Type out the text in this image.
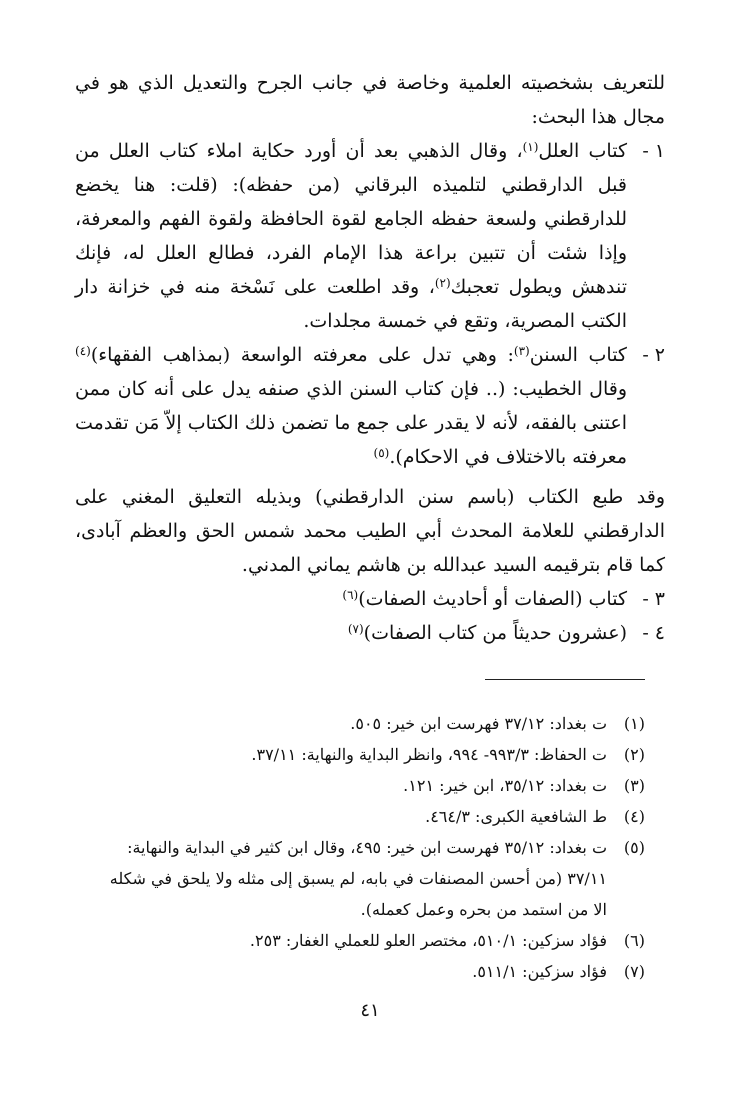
للتعريف بشخصيته العلمية وخاصة في جانب الجرح والتعديل الذي هو في مجال هذا البحث:

١ -
كتاب العلل$^{(١)}$، وقال الذهبي بعد أن أورد حكاية املاء كتاب العلل من قبل الدارقطني لتلميذه البرقاني (من حفظه): (قلت: هنا يخضع للدارقطني ولسعة حفظه الجامع لقوة الحافظة ولقوة الفهم والمعرفة، وإذا شئت أن تتبين براعة هذا الإمام الفرد، فطالع العلل له، فإنك تندهش ويطول تعجبك$^{(٢)}$، وقد اطلعت على نَسْخة منه في خزانة دار الكتب المصرية، وتقع في خمسة مجلدات.
٢ -
كتاب السنن$^{(٣)}$: وهي تدل على معرفته الواسعة (بمذاهب الفقهاء)$^{(٤)}$ وقال الخطيب: (.. فإن كتاب السنن الذي صنفه يدل على أنه كان ممن اعتنى بالفقه، لأنه لا يقدر على جمع ما تضمن ذلك الكتاب إلاّ مَن تقدمت معرفته بالاختلاف في الاحكام).$^{(٥)}$

وقد طبع الكتاب (باسم سنن الدارقطني) وبذيله التعليق المغني على الدارقطني للعلامة المحدث أبي الطيب محمد شمس الحق والعظم آبادى، كما قام بترقيمه السيد عبدالله بن هاشم يماني المدني.

٣ -
كتاب (الصفات أو أحاديث الصفات)$^{(٦)}$
٤ -
(عشرون حديثاً من كتاب الصفات)$^{(٧)}$
(١)
ت بغداد: ٣٧/١٢ فهرست ابن خير: ٥٠٥.
(٢)
ت الحفاظ: ٩٩٣/٣- ٩٩٤، وانظر البداية والنهاية: ٣٧/١١.
(٣)
ت بغداد: ٣٥/١٢، ابن خير: ١٢١.
(٤)
ط الشافعية الكبرى: ٤٦٤/٣.
(٥)
ت بغداد: ٣٥/١٢ فهرست ابن خير: ٤٩٥، وقال ابن كثير في البداية والنهاية: ٣٧/١١ (من أحسن المصنفات في بابه، لم يسبق إلى مثله ولا يلحق في شكله الا من استمد من بحره وعمل كعمله).
(٦)
فؤاد سزكين: ٥١٠/١، مختصر العلو للعملي الغفار: ٢٥٣.
(٧)
فؤاد سزكين: ٥١١/١.
٤١
